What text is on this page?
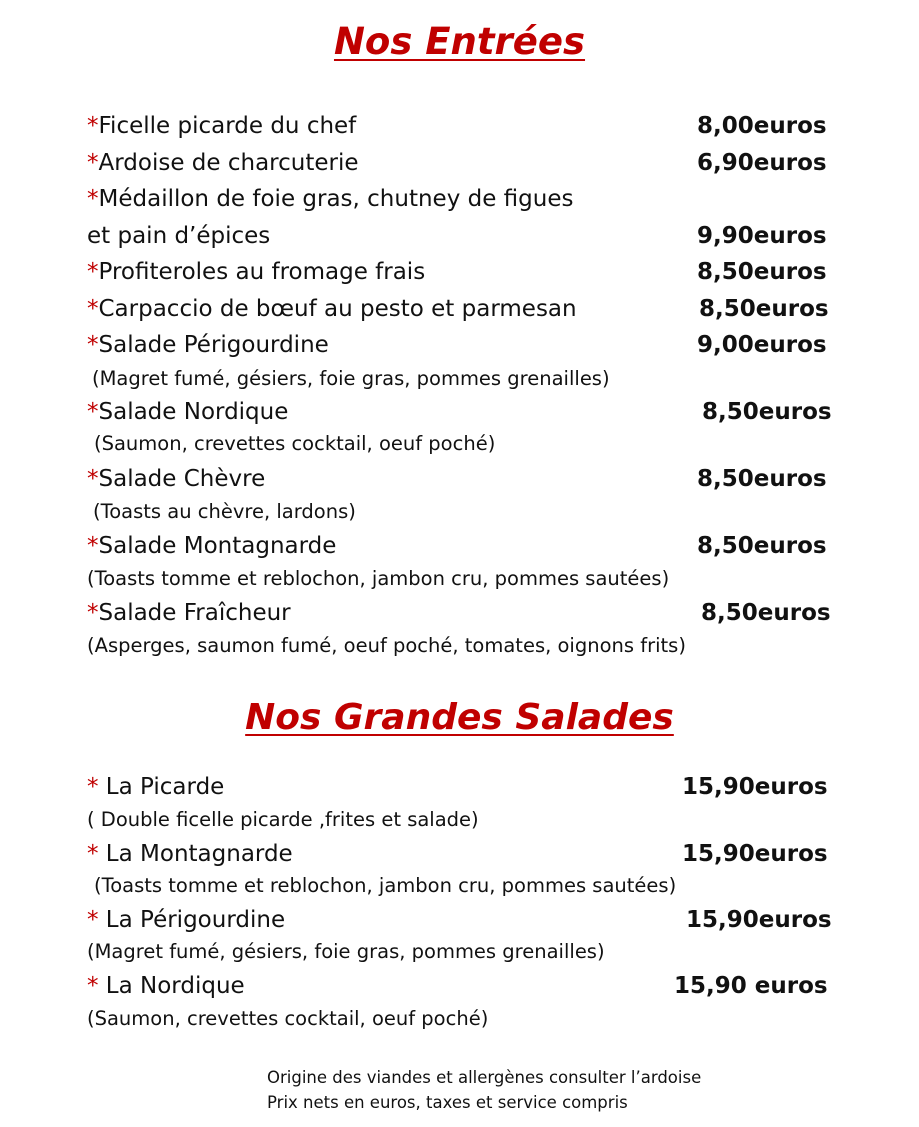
Nos Entrées
*Ficelle picarde du chef	8,00euros
*Ardoise de charcuterie	6,90euros
*Médaillon de foie gras, chutney de figues
et pain d’épices	9,90euros
*Profiteroles au fromage frais	8,50euros
*Carpaccio de bœuf au pesto et parmesan	8,50euros
*Salade Périgourdine	9,00euros
(Magret fumé, gésiers, foie gras, pommes grenailles)
*Salade Nordique	8,50euros
(Saumon, crevettes cocktail, oeuf poché)
*Salade Chèvre	8,50euros
(Toasts au chèvre, lardons)
*Salade Montagnarde	8,50euros
(Toasts tomme et reblochon, jambon cru, pommes sautées)
*Salade Fraîcheur	8,50euros
(Asperges, saumon fumé, oeuf poché, tomates, oignons frits)
Nos Grandes Salades
* La Picarde	15,90euros
( Double ficelle picarde ,frites et salade)
* La Montagnarde	15,90euros
(Toasts tomme et reblochon, jambon cru, pommes sautées)
* La Périgourdine	15,90euros
(Magret fumé, gésiers, foie gras, pommes grenailles)
* La Nordique	15,90 euros
(Saumon, crevettes cocktail, oeuf poché)
Origine des viandes et allergènes consulter l’ardoise
Prix nets en euros, taxes et service compris
